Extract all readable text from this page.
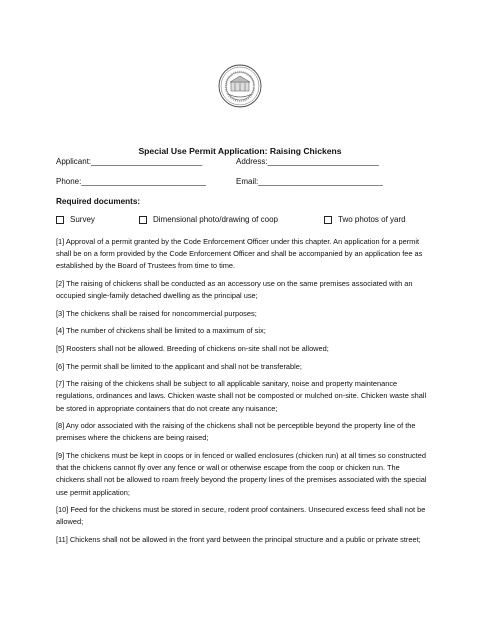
Special Use Permit Application: Raising Chickens
Applicant:_________________________	Address:_________________________
Phone:____________________________	Email:____________________________
Required documents:
Survey	Dimensional photo/drawing of coop	Two photos of yard

[1] Approval of a permit granted by the Code Enforcement Officer under this chapter. An application for a permit shall be on a form provided by the Code Enforcement Officer and shall be accompanied by an application fee as established by the Board of Trustees from time to time.

[2] The raising of chickens shall be conducted as an accessory use on the same premises associated with an occupied single-family detached dwelling as the principal use;

[3] The chickens shall be raised for noncommercial purposes;

[4] The number of chickens shall be limited to a maximum of six;

[5] Roosters shall not be allowed. Breeding of chickens on-site shall not be allowed;

[6] The permit shall be limited to the applicant and shall not be transferable;

[7] The raising of the chickens shall be subject to all applicable sanitary, noise and property maintenance regulations, ordinances and laws. Chicken waste shall not be composted or mulched on-site. Chicken waste shall be stored in appropriate containers that do not create any nuisance;

[8] Any odor associated with the raising of the chickens shall not be perceptible beyond the property line of the premises where the chickens are being raised;

[9] The chickens must be kept in coops or in fenced or walled enclosures (chicken run) at all times so constructed that the chickens cannot fly over any fence or wall or otherwise escape from the coop or chicken run. The chickens shall not be allowed to roam freely beyond the property lines of the premises associated with the special use permit application;

[10] Feed for the chickens must be stored in secure, rodent proof containers. Unsecured excess feed shall not be allowed;

[11] Chickens shall not be allowed in the front yard between the principal structure and a public or private street;
